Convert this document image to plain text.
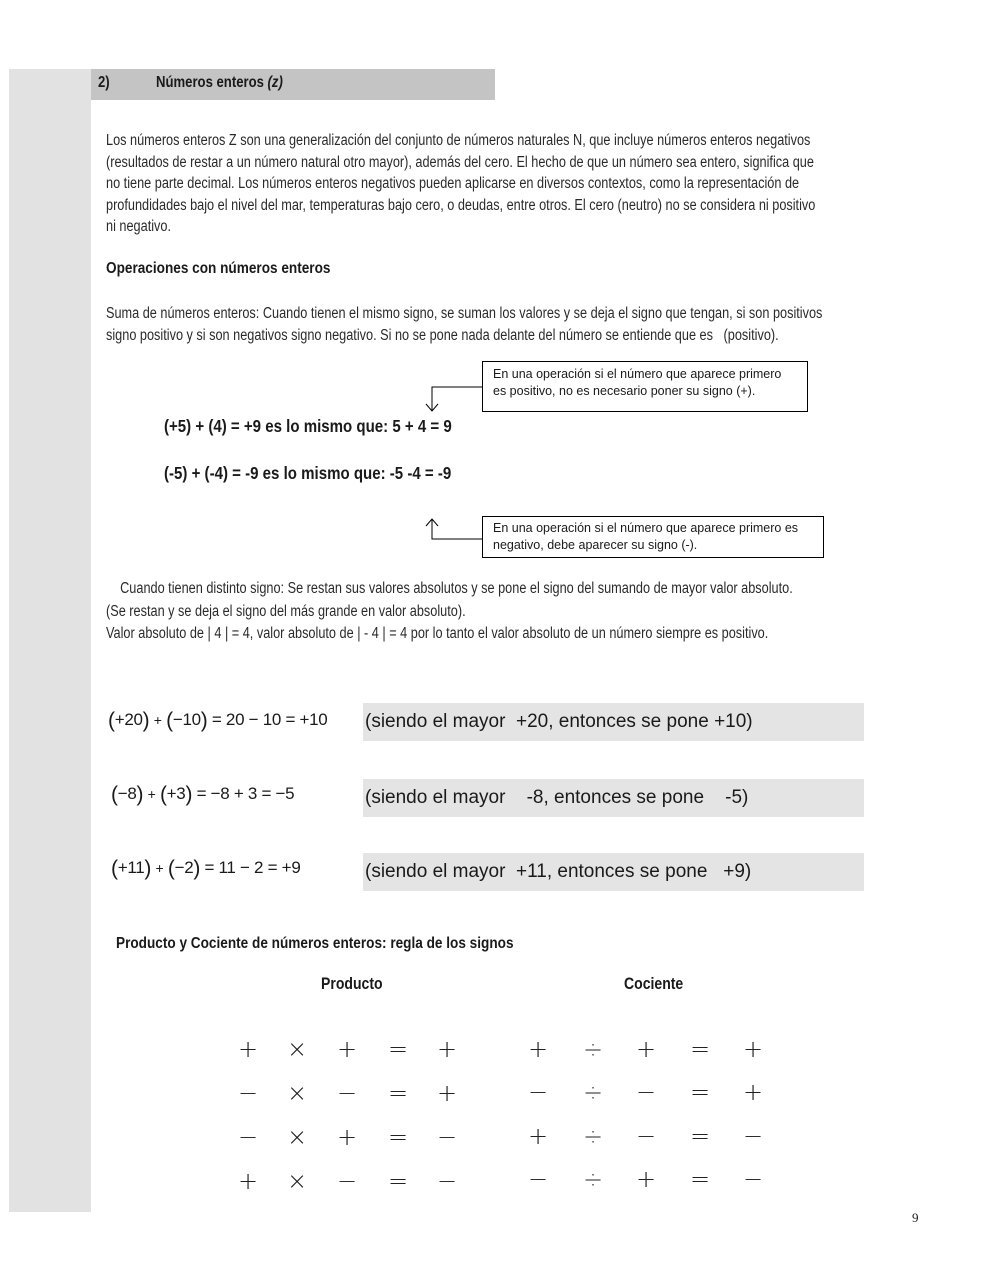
2)	Números enteros (z)
Los números enteros Z son una generalización del conjunto de números naturales N, que incluye números enteros negativos
(resultados de restar a un número natural otro mayor), además del cero. El hecho de que un número sea entero, significa que
no tiene parte decimal. Los números enteros negativos pueden aplicarse en diversos contextos, como la representación de
profundidades bajo el nivel del mar, temperaturas bajo cero, o deudas, entre otros. El cero (neutro) no se considera ni positivo
ni negativo.
Operaciones con números enteros
Suma de números enteros: Cuando tienen el mismo signo, se suman los valores y se deja el signo que tengan, si son positivos
signo positivo y si son negativos signo negativo. Si no se pone nada delante del número se entiende que es   (positivo).
En una operación si el número que aparece primero
es positivo, no es necesario poner su signo (+).
(+5) + (4) = +9 es lo mismo que: 5 + 4 = 9
(-5) + (-4) = -9 es lo mismo que: -5 -4 = -9
En una operación si el número que aparece primero es
negativo, debe aparecer su signo (-).
Cuando tienen distinto signo: Se restan sus valores absolutos y se pone el signo del sumando de mayor valor absoluto.
(Se restan y se deja el signo del más grande en valor absoluto).
Valor absoluto de | 4 | = 4, valor absoluto de | - 4 | = 4 por lo tanto el valor absoluto de un número siempre es positivo.
(+20) + (−10) = 20 − 10 = +10 (siendo el mayor  +20, entonces se pone +10)
(−8) + (+3) = −8 + 3 = −5	(siendo el mayor    -8, entonces se pone    -5)
(+11) + (−2) = 11 − 2 = +9	(siendo el mayor  +11, entonces se pone   +9)
Producto y Cociente de números enteros: regla de los signos
Producto	Cociente
+ × + = +
− × − = +
− × + = −
+ × − = −
+ ÷ + = +
− ÷ − = +
+ ÷ − = −
− ÷ + = −
9
